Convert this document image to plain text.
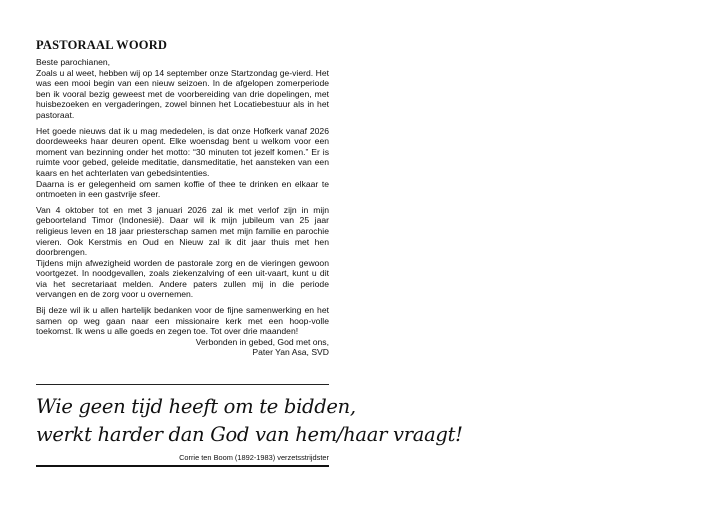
PASTORAAL WOORD

Beste parochianen,

Zoals u al weet, hebben wij op 14 september onze Startzondag ge-vierd. Het was een mooi begin van een nieuw seizoen. In de afgelopen zomerperiode ben ik vooral bezig geweest met de voorbereiding van drie dopelingen, met huisbezoeken en vergaderingen, zowel binnen het Locatiebestuur als in het pastoraat.

Het goede nieuws dat ik u mag mededelen, is dat onze Hofkerk vanaf 2026 doordeweeks haar deuren opent. Elke woensdag bent u welkom voor een moment van bezinning onder het motto: “30 minuten tot jezelf komen.” Er is ruimte voor gebed, geleide meditatie, dansmeditatie, het aansteken van een kaars en het achterlaten van gebedsintenties.

Daarna is er gelegenheid om samen koffie of thee te drinken en elkaar te ontmoeten in een gastvrije sfeer.

Van 4 oktober tot en met 3 januari 2026 zal ik met verlof zijn in mijn geboorteland Timor (Indonesië). Daar wil ik mijn jubileum van 25 jaar religieus leven en 18 jaar priesterschap samen met mijn familie en parochie vieren. Ook Kerstmis en Oud en Nieuw zal ik dit jaar thuis met hen doorbrengen.

Tijdens mijn afwezigheid worden de pastorale zorg en de vieringen gewoon voortgezet. In noodgevallen, zoals ziekenzalving of een uit-vaart, kunt u dit via het secretariaat melden. Andere paters zullen mij in die periode vervangen en de zorg voor u overnemen.

Bij deze wil ik u allen hartelijk bedanken voor de fijne samenwerking en het samen op weg gaan naar een missionaire kerk met een hoop-volle toekomst. Ik wens u alle goeds en zegen toe. Tot over drie maanden!

Verbonden in gebed, God met ons,

Pater Yan Asa, SVD

Wie geen tijd heeft om te bidden,
werkt harder dan God van hem/haar vraagt!
Corrie ten Boom (1892-1983) verzetsstrijdster
